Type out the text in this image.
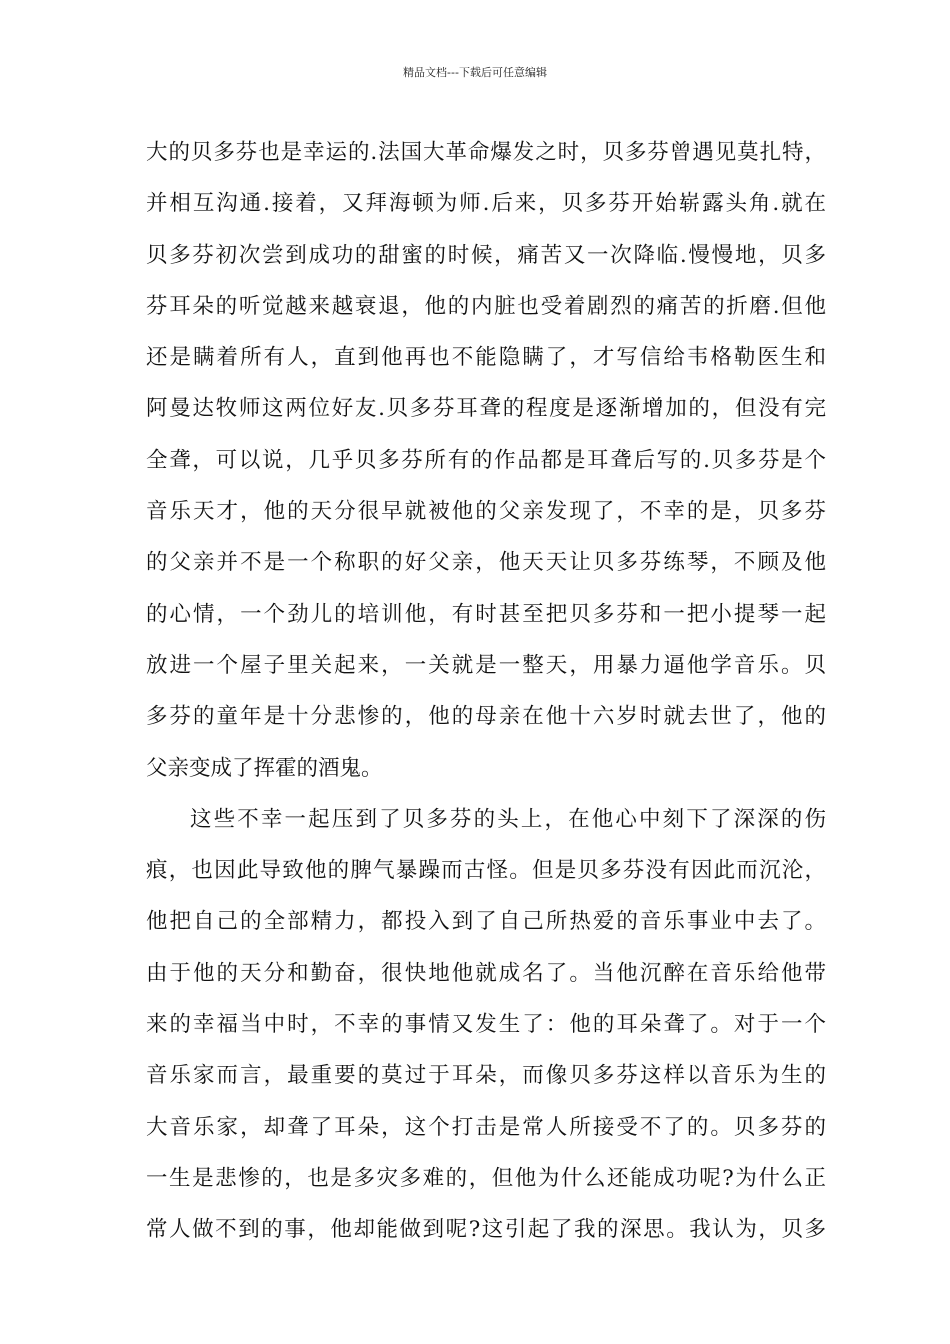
精品文档---下载后可任意编辑
大的贝多芬也是幸运的.法国大革命爆发之时，贝多芬曾遇见莫扎特，
并相互沟通.接着，又拜海顿为师.后来，贝多芬开始崭露头角.就在
贝多芬初次尝到成功的甜蜜的时候，痛苦又一次降临.慢慢地，贝多
芬耳朵的听觉越来越衰退，他的内脏也受着剧烈的痛苦的折磨.但他
还是瞒着所有人，直到他再也不能隐瞒了，才写信给韦格勒医生和
阿曼达牧师这两位好友.贝多芬耳聋的程度是逐渐增加的，但没有完
全聋，可以说，几乎贝多芬所有的作品都是耳聋后写的.贝多芬是个
音乐天才，他的天分很早就被他的父亲发现了，不幸的是，贝多芬
的父亲并不是一个称职的好父亲，他天天让贝多芬练琴，不顾及他
的心情，一个劲儿的培训他，有时甚至把贝多芬和一把小提琴一起
放进一个屋子里关起来，一关就是一整天，用暴力逼他学音乐。贝
多芬的童年是十分悲惨的，他的母亲在他十六岁时就去世了，他的
父亲变成了挥霍的酒鬼。
这些不幸一起压到了贝多芬的头上，在他心中刻下了深深的伤
痕，也因此导致他的脾气暴躁而古怪。但是贝多芬没有因此而沉沦，
他把自己的全部精力，都投入到了自己所热爱的音乐事业中去了。
由于他的天分和勤奋，很快地他就成名了。当他沉醉在音乐给他带
来的幸福当中时，不幸的事情又发生了：他的耳朵聋了。对于一个
音乐家而言，最重要的莫过于耳朵，而像贝多芬这样以音乐为生的
大音乐家，却聋了耳朵，这个打击是常人所接受不了的。贝多芬的
一生是悲惨的，也是多灾多难的，但他为什么还能成功呢?为什么正
常人做不到的事，他却能做到呢?这引起了我的深思。我认为，贝多
